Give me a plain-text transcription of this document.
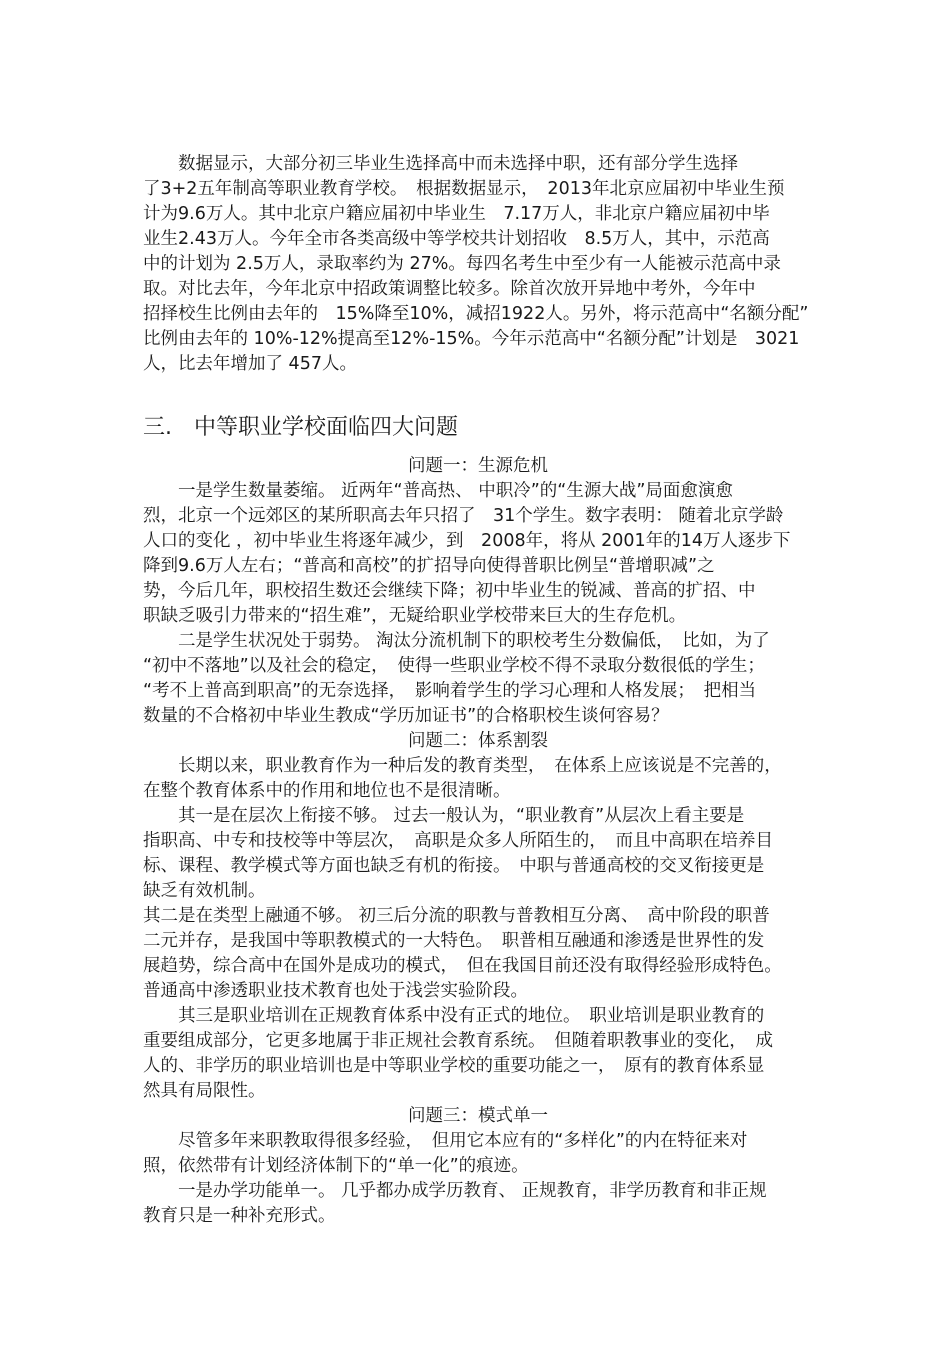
　　数据显示，大部分初三毕业生选择高中而未选择中职，还有部分学生选择
了3+2五年制高等职业教育学校。　根据数据显示，　2013年北京应届初中毕业生预
计为9.6万人。其中北京户籍应届初中毕业生　7.17万人，非北京户籍应届初中毕
业生2.43万人。今年全市各类高级中等学校共计划招收　8.5万人，其中，示范高
中的计划为 2.5万人，录取率约为 27%。每四名考生中至少有一人能被示范高中录
取。对比去年，今年北京中招政策调整比较多。除首次放开异地中考外，今年中
招择校生比例由去年的　15%降至10%，减招1922人。另外，将示范高中“名额分配”
比例由去年的 10%-12%提高至12%-15%。今年示范高中“名额分配”计划是　3021
人，比去年增加了 457人。
三.　中等职业学校面临四大问题
问题一：生源危机
　　一是学生数量萎缩。 近两年“普高热、 中职冷”的“生源大战”局面愈演愈
烈，北京一个远郊区的某所职高去年只招了　31个学生。数字表明： 随着北京学龄
人口的变化 ，初中毕业生将逐年减少，到　2008年，将从 2001年的14万人逐步下
降到9.6万人左右；“普高和高校”的扩招导向使得普职比例呈“普增职减”之
势，今后几年，职校招生数还会继续下降；初中毕业生的锐减、普高的扩招、中
职缺乏吸引力带来的“招生难”，无疑给职业学校带来巨大的生存危机。
　　二是学生状况处于弱势。 淘汰分流机制下的职校考生分数偏低，　比如，为了
“初中不落地”以及社会的稳定，　使得一些职业学校不得不录取分数很低的学生；
“考不上普高到职高”的无奈选择，　影响着学生的学习心理和人格发展；　把相当
数量的不合格初中毕业生教成“学历加证书”的合格职校生谈何容易？
问题二：体系割裂
　　长期以来，职业教育作为一种后发的教育类型，　在体系上应该说是不完善的，
在整个教育体系中的作用和地位也不是很清晰。
　　其一是在层次上衔接不够。 过去一般认为，“职业教育”从层次上看主要是
指职高、中专和技校等中等层次，　高职是众多人所陌生的，　而且中高职在培养目
标、课程、教学模式等方面也缺乏有机的衔接。　中职与普通高校的交叉衔接更是
缺乏有效机制。
其二是在类型上融通不够。 初三后分流的职教与普教相互分离、　高中阶段的职普
二元并存，是我国中等职教模式的一大特色。　职普相互融通和渗透是世界性的发
展趋势，综合高中在国外是成功的模式，　但在我国目前还没有取得经验形成特色。
普通高中渗透职业技术教育也处于浅尝实验阶段。
　　其三是职业培训在正规教育体系中没有正式的地位。　职业培训是职业教育的
重要组成部分，它更多地属于非正规社会教育系统。　但随着职教事业的变化，　成
人的、非学历的职业培训也是中等职业学校的重要功能之一，　原有的教育体系显
然具有局限性。
问题三：模式单一
　　尽管多年来职教取得很多经验，　但用它本应有的“多样化”的内在特征来对
照，依然带有计划经济体制下的“单一化”的痕迹。
　　一是办学功能单一。 几乎都办成学历教育、 正规教育，非学历教育和非正规
教育只是一种补充形式。
